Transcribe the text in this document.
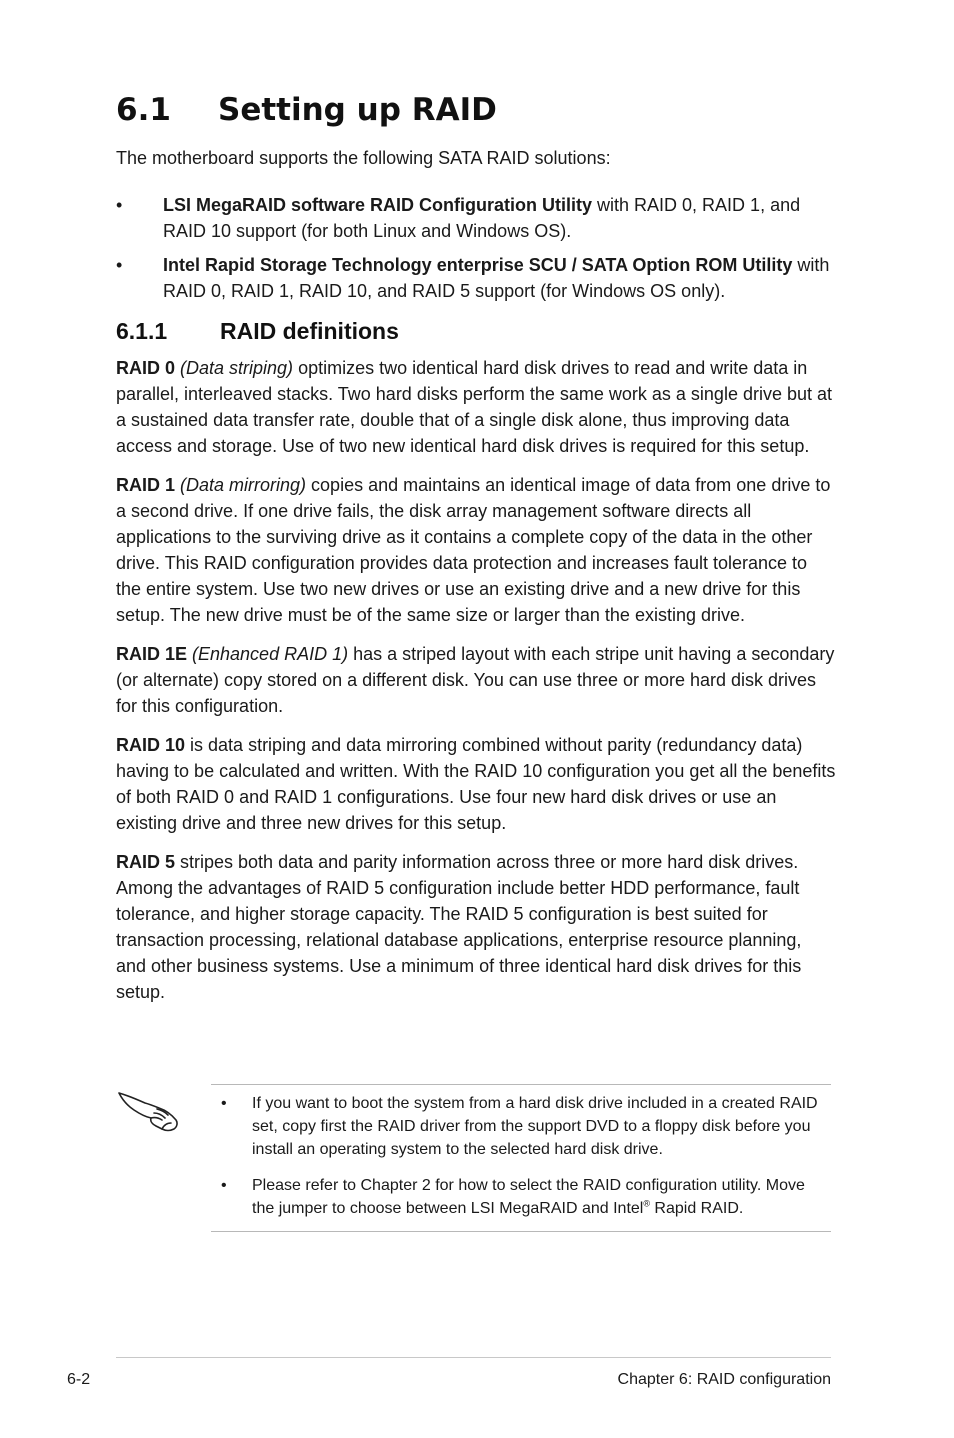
6.1 Setting up RAID

The motherboard supports the following SATA RAID solutions:

•	LSI MegaRAID software RAID Configuration Utility with RAID 0, RAID 1, and RAID 10 support (for both Linux and Windows OS).
•	Intel Rapid Storage Technology enterprise SCU / SATA Option ROM Utility with RAID 0, RAID 1, RAID 10, and RAID 5 support (for Windows OS only).
6.1.1 RAID definitions

RAID 0 (Data striping) optimizes two identical hard disk drives to read and write data in parallel, interleaved stacks. Two hard disks perform the same work as a single drive but at a sustained data transfer rate, double that of a single disk alone, thus improving data access and storage. Use of two new identical hard disk drives is required for this setup.

RAID 1 (Data mirroring) copies and maintains an identical image of data from one drive to a second drive. If one drive fails, the disk array management software directs all applications to the surviving drive as it contains a complete copy of the data in the other drive. This RAID configuration provides data protection and increases fault tolerance to the entire system. Use two new drives or use an existing drive and a new drive for this setup. The new drive must be of the same size or larger than the existing drive.

RAID 1E (Enhanced RAID 1) has a striped layout with each stripe unit having a secondary (or alternate) copy stored on a different disk. You can use three or more hard disk drives for this configuration.

RAID 10 is data striping and data mirroring combined without parity (redundancy data) having to be calculated and written. With the RAID 10 configuration you get all the benefits of both RAID 0 and RAID 1 configurations. Use four new hard disk drives or use an existing drive and three new drives for this setup.

RAID 5 stripes both data and parity information across three or more hard disk drives. Among the advantages of RAID 5 configuration include better HDD performance, fault tolerance, and higher storage capacity. The RAID 5 configuration is best suited for transaction processing, relational database applications, enterprise resource planning, and other business systems. Use a minimum of three identical hard disk drives for this setup.

• If you want to boot the system from a hard disk drive included in a created RAID set, copy first the RAID driver from the support DVD to a floppy disk before you install an operating system to the selected hard disk drive.
• Please refer to Chapter 2 for how to select the RAID configuration utility. Move the jumper to choose between LSI MegaRAID and Intel® Rapid RAID.
6-2	Chapter 6: RAID configuration
